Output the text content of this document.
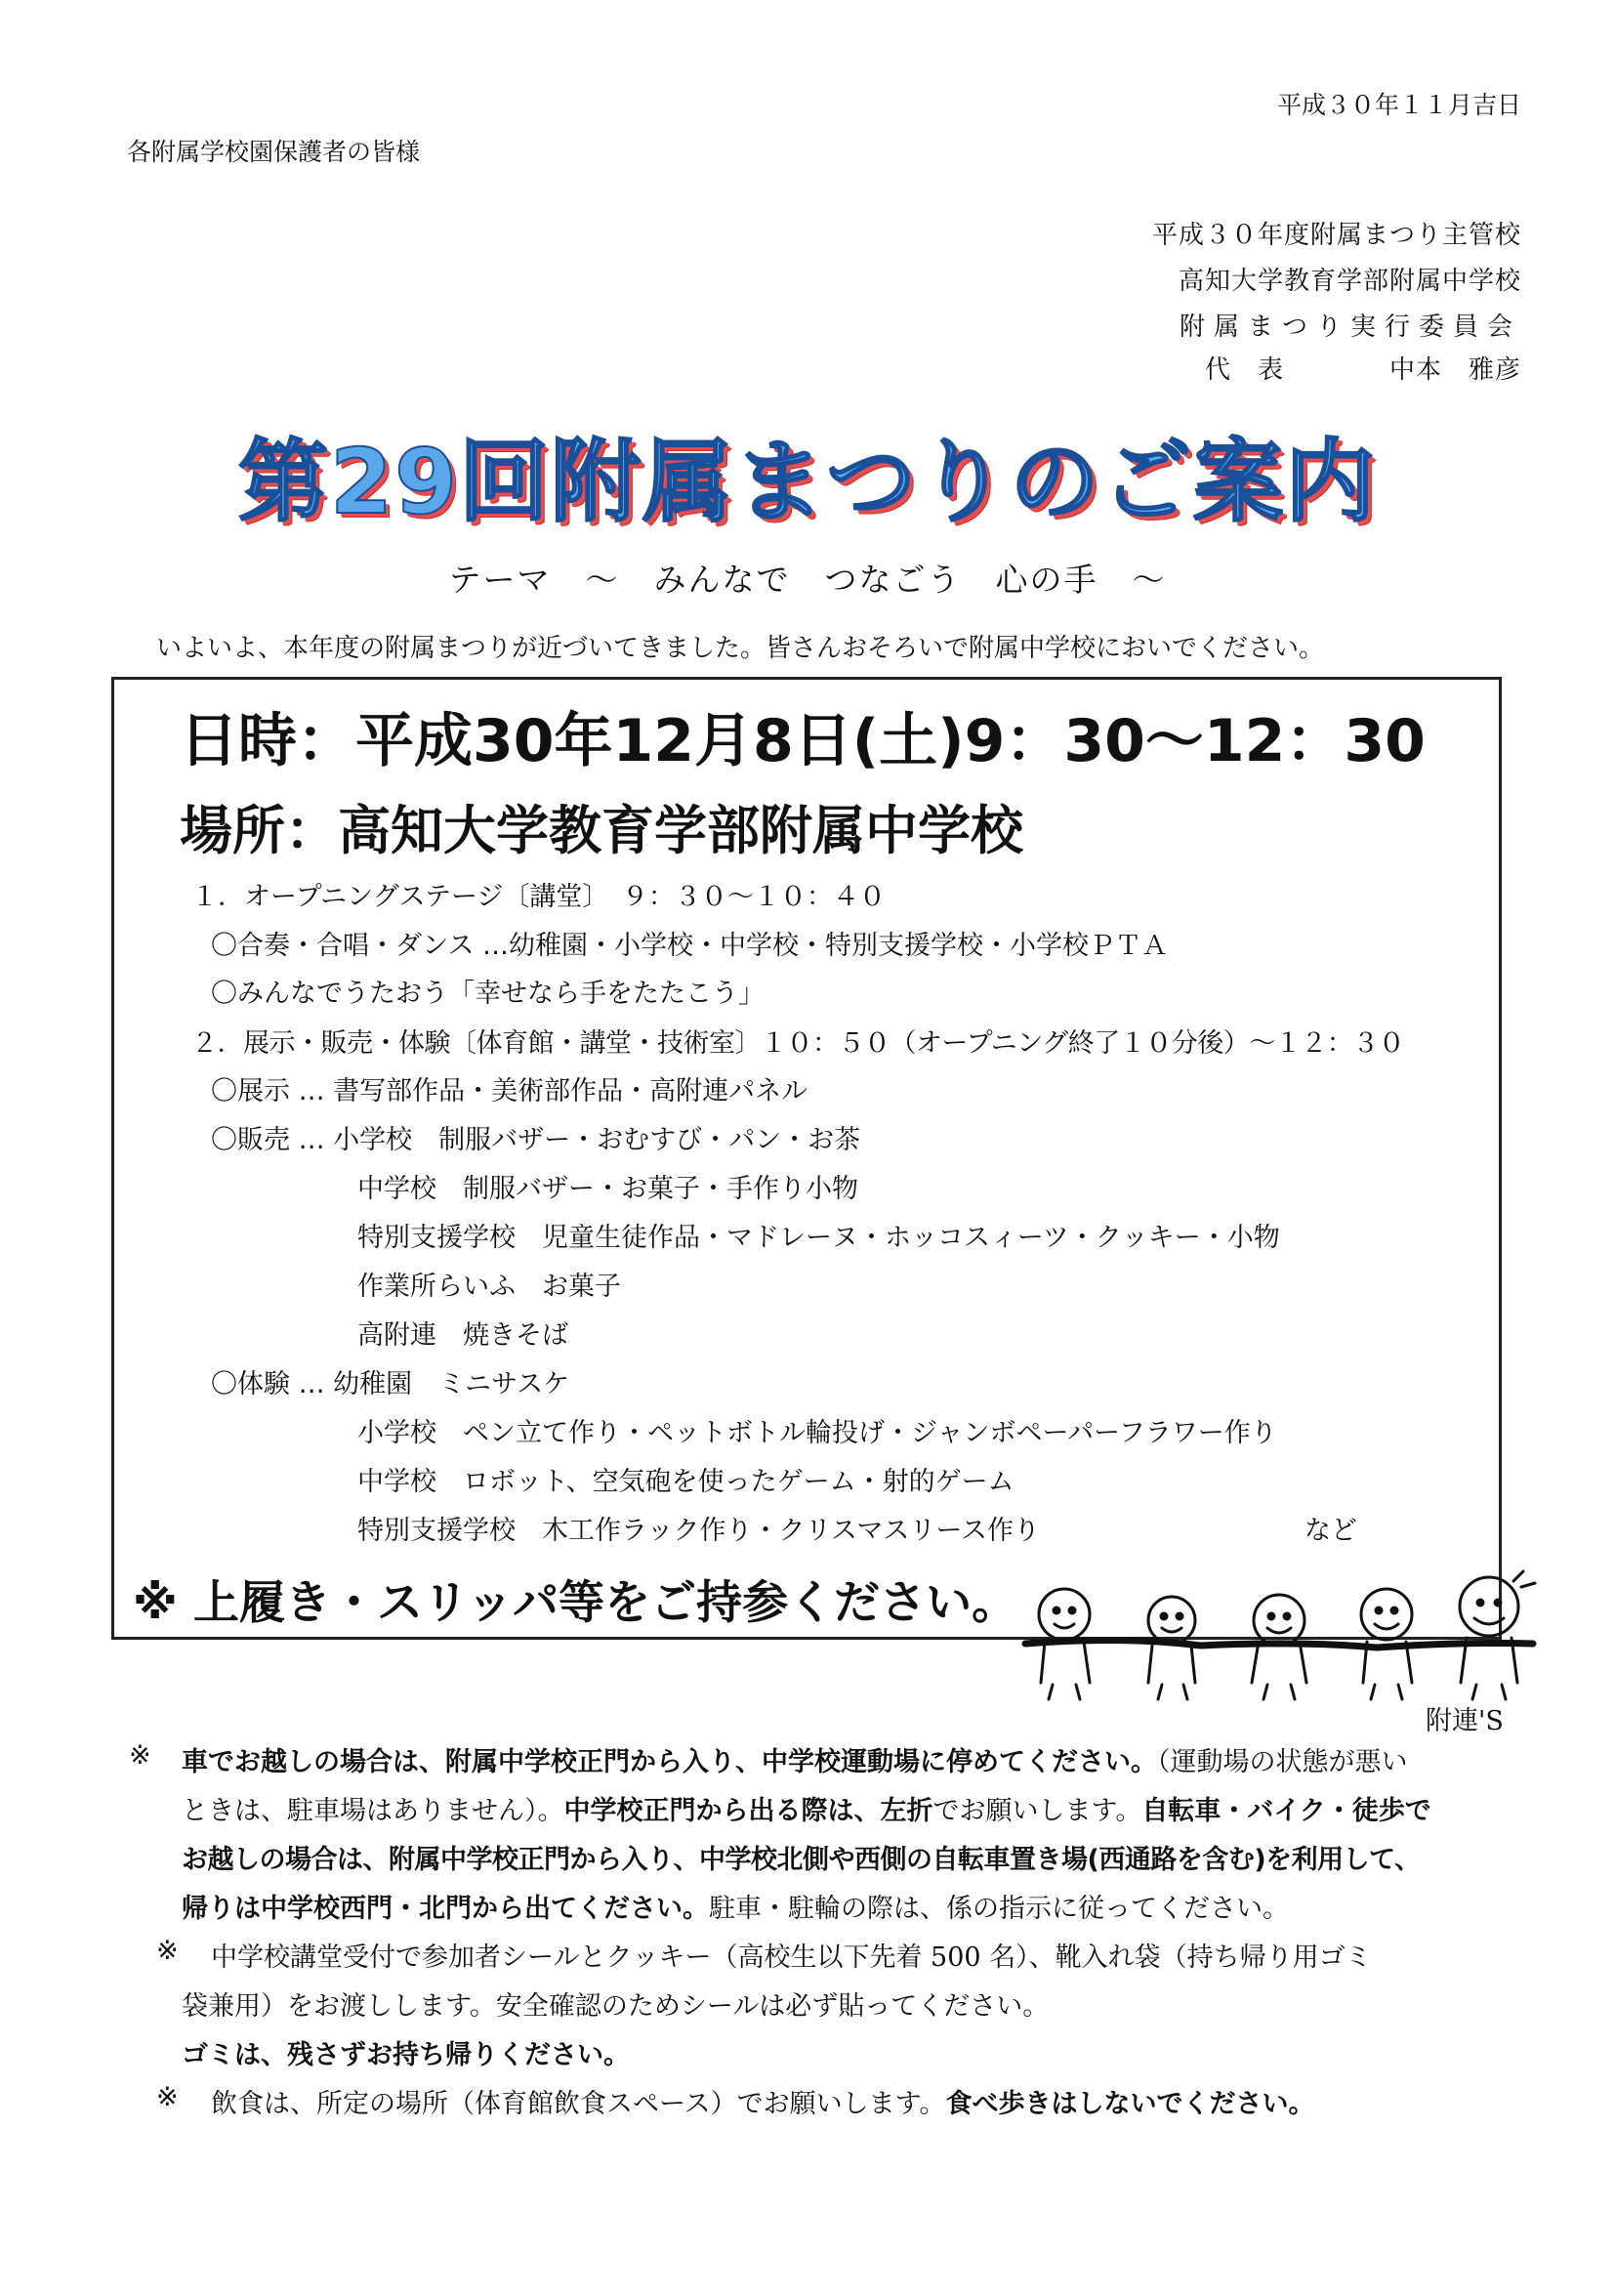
平成３０年１１月吉日
各附属学校園保護者の皆様
平成３０年度附属まつり主管校
高知大学教育学部附属中学校
附属まつり実行委員会
代　表　　　　中本　雅彦
第29回附属まつりのご案内
テーマ　～　みんなで　つなごう　心の手　～
いよいよ、本年度の附属まつりが近づいてきました。皆さんおそろいで附属中学校においでください。
日時：平成30年12月8日(土)9：30～12：30
場所：高知大学教育学部附属中学校
１．オープニングステージ〔講堂〕　９：３０～１０：４０
〇合奏・合唱・ダンス …幼稚園・小学校・中学校・特別支援学校・小学校ＰＴＡ
〇みんなでうたおう「幸せなら手をたたこう」
２．展示・販売・体験〔体育館・講堂・技術室〕１０：５０（オープニング終了１０分後）～１２：３０
〇展示 … 書写部作品・美術部作品・高附連パネル
〇販売 … 小学校　制服バザー・おむすび・パン・お茶
中学校　制服バザー・お菓子・手作り小物
特別支援学校　児童生徒作品・マドレーヌ・ホッコスィーツ・クッキー・小物
作業所らいふ　お菓子
高附連　焼きそば
〇体験 … 幼稚園　ミニサスケ
小学校　ペン立て作り・ペットボトル輪投げ・ジャンボペーパーフラワー作り
中学校　ロボット、空気砲を使ったゲーム・射的ゲーム
特別支援学校　木工作ラック作り・クリスマスリース作り	など
※ 上履き・スリッパ等をご持参ください。
附連'S
※ 車でお越しの場合は、附属中学校正門から入り、中学校運動場に停めてください。（運動場の状態が悪い
ときは、駐車場はありません）。中学校正門から出る際は、左折でお願いします。自転車・バイク・徒歩で
お越しの場合は、附属中学校正門から入り、中学校北側や西側の自転車置き場(西通路を含む)を利用して、
帰りは中学校西門・北門から出てください。駐車・駐輪の際は、係の指示に従ってください。
※ 中学校講堂受付で参加者シールとクッキー（高校生以下先着 500 名）、靴入れ袋（持ち帰り用ゴミ
袋兼用）をお渡しします。安全確認のためシールは必ず貼ってください。
ゴミは、残さずお持ち帰りください。
※ 飲食は、所定の場所（体育館飲食スペース）でお願いします。食べ歩きはしないでください。
